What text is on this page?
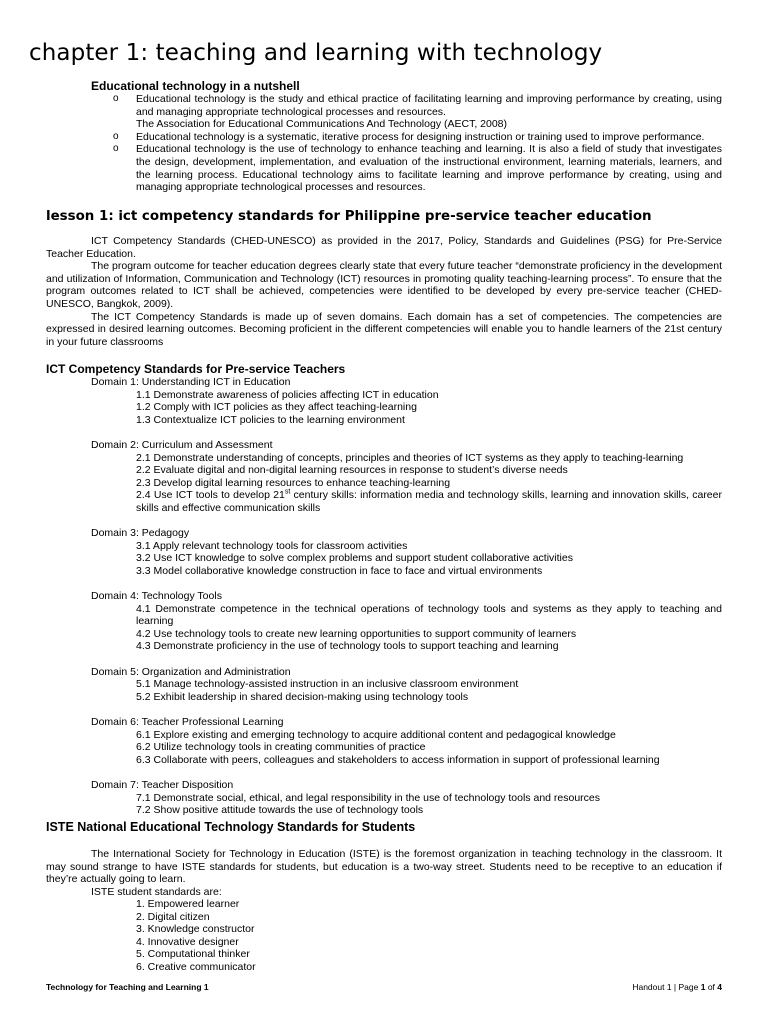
chapter 1: teaching and learning with technology
Educational technology in a nutshell
o Educational technology is the study and ethical practice of facilitating learning and improving performance by creating, using and managing appropriate technological processes and resources.
The Association for Educational Communications And Technology (AECT, 2008)
o Educational technology is a systematic, iterative process for designing instruction or training used to improve performance.
o Educational technology is the use of technology to enhance teaching and learning. It is also a field of study that investigates the design, development, implementation, and evaluation of the instructional environment, learning materials, learners, and the learning process. Educational technology aims to facilitate learning and improve performance by creating, using and managing appropriate technological processes and resources.
lesson 1: ict competency standards for Philippine pre-service teacher education

ICT Competency Standards (CHED-UNESCO) as provided in the 2017, Policy, Standards and Guidelines (PSG) for Pre-Service Teacher Education.

The program outcome for teacher education degrees clearly state that every future teacher “demonstrate proficiency in the development and utilization of Information, Communication and Technology (ICT) resources in promoting quality teaching-learning process”. To ensure that the program outcomes related to ICT shall be achieved, competencies were identified to be developed by every pre-service teacher (CHED-UNESCO, Bangkok, 2009).

The ICT Competency Standards is made up of seven domains. Each domain has a set of competencies. The competencies are expressed in desired learning outcomes. Becoming proficient in the different competencies will enable you to handle learners of the 21st century in your future classrooms

ICT Competency Standards for Pre-service Teachers
Domain 1: Understanding ICT in Education
1.1 Demonstrate awareness of policies affecting ICT in education
1.2 Comply with ICT policies as they affect teaching-learning
1.3 Contextualize ICT policies to the learning environment
Domain 2: Curriculum and Assessment
2.1 Demonstrate understanding of concepts, principles and theories of ICT systems as they apply to teaching-learning
2.2 Evaluate digital and non-digital learning resources in response to student’s diverse needs
2.3 Develop digital learning resources to enhance teaching-learning
2.4 Use ICT tools to develop 21st century skills: information media and technology skills, learning and innovation skills, career skills and effective communication skills
Domain 3: Pedagogy
3.1 Apply relevant technology tools for classroom activities
3.2 Use ICT knowledge to solve complex problems and support student collaborative activities
3.3 Model collaborative knowledge construction in face to face and virtual environments
Domain 4: Technology Tools
4.1 Demonstrate competence in the technical operations of technology tools and systems as they apply to teaching and learning
4.2 Use technology tools to create new learning opportunities to support community of learners
4.3 Demonstrate proficiency in the use of technology tools to support teaching and learning
Domain 5: Organization and Administration
5.1 Manage technology-assisted instruction in an inclusive classroom environment
5.2 Exhibit leadership in shared decision-making using technology tools
Domain 6: Teacher Professional Learning
6.1 Explore existing and emerging technology to acquire additional content and pedagogical knowledge
6.2 Utilize technology tools in creating communities of practice
6.3 Collaborate with peers, colleagues and stakeholders to access information in support of professional learning
Domain 7: Teacher Disposition
7.1 Demonstrate social, ethical, and legal responsibility in the use of technology tools and resources
7.2 Show positive attitude towards the use of technology tools
ISTE National Educational Technology Standards for Students

The International Society for Technology in Education (ISTE) is the foremost organization in teaching technology in the classroom. It may sound strange to have ISTE standards for students, but education is a two-way street. Students need to be receptive to an education if they’re actually going to learn.

ISTE student standards are:

1. Empowered learner
2. Digital citizen
3. Knowledge constructor
4. Innovative designer
5. Computational thinker
6. Creative communicator
Technology for Teaching and Learning 1	Handout 1 | Page 1 of 4
